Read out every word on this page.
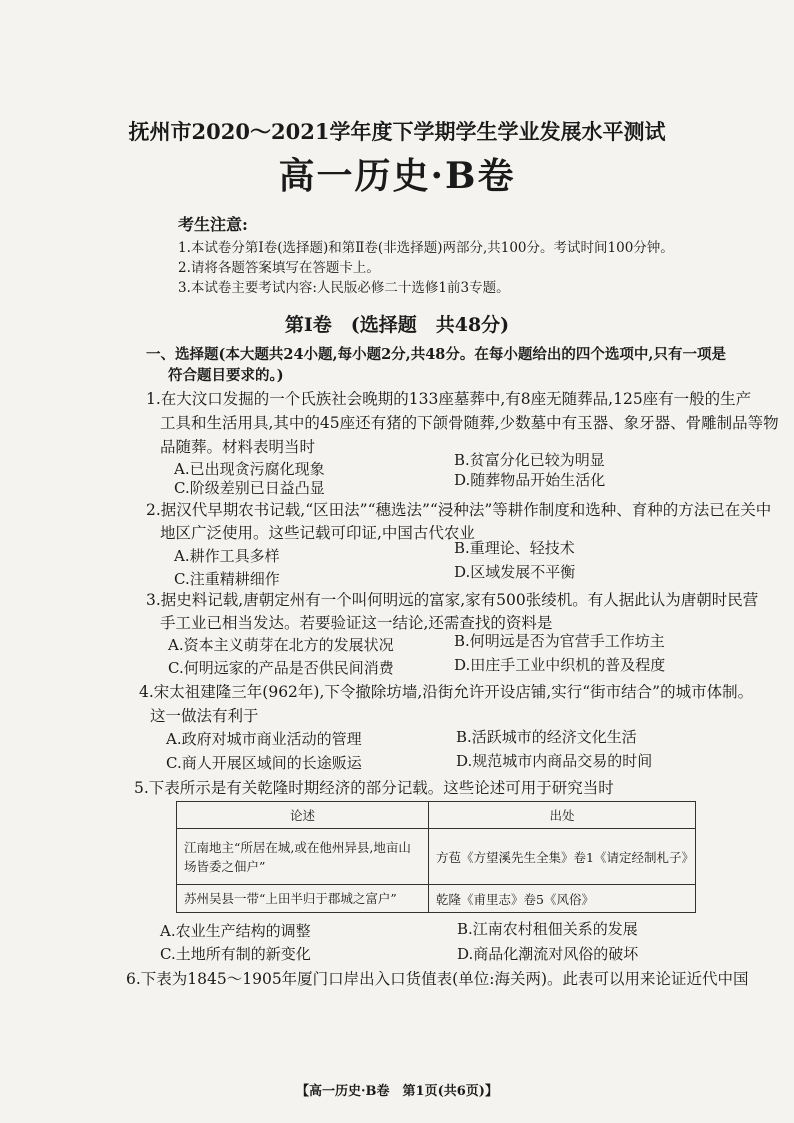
抚州市2020～2021学年度下学期学生学业发展水平测试
高一历史·B卷
考生注意:
1.本试卷分第Ⅰ卷(选择题)和第Ⅱ卷(非选择题)两部分,共100分。考试时间100分钟。
2.请将各题答案填写在答题卡上。
3.本试卷主要考试内容:人民版必修二十选修1前3专题。
第Ⅰ卷　(选择题　共48分)
一、选择题(本大题共24小题,每小题2分,共48分。在每小题给出的四个选项中,只有一项是
符合题目要求的。)
1.在大汶口发掘的一个氏族社会晚期的133座墓葬中,有8座无随葬品,125座有一般的生产
工具和生活用具,其中的45座还有猪的下颌骨随葬,少数墓中有玉器、象牙器、骨雕制品等物
品随葬。材料表明当时
A.已出现贪污腐化现象	B.贫富分化已较为明显
C.阶级差别已日益凸显	D.随葬物品开始生活化
2.据汉代早期农书记载,“区田法”“穗选法”“浸种法”等耕作制度和选种、育种的方法已在关中
地区广泛使用。这些记载可印证,中国古代农业
A.耕作工具多样	B.重理论、轻技术
C.注重精耕细作	D.区域发展不平衡
3.据史料记载,唐朝定州有一个叫何明远的富家,家有500张绫机。有人据此认为唐朝时民营
手工业已相当发达。若要验证这一结论,还需查找的资料是
A.资本主义萌芽在北方的发展状况	B.何明远是否为官营手工作坊主
C.何明远家的产品是否供民间消费	D.田庄手工业中织机的普及程度
4.宋太祖建隆三年(962年),下令撤除坊墙,沿街允许开设店铺,实行“街市结合”的城市体制。
这一做法有利于
A.政府对城市商业活动的管理	B.活跃城市的经济文化生活
C.商人开展区域间的长途贩运	D.规范城市内商品交易的时间
5.下表所示是有关乾隆时期经济的部分记载。这些论述可用于研究当时
论述	出处
江南地主“所居在城,或在他州异县,地亩山场皆委之佃户”	方苞《方望溪先生全集》卷1《请定经制札子》
苏州吴县一带“上田半归于郡城之富户”	乾隆《甫里志》卷5《风俗》
A.农业生产结构的调整	B.江南农村租佃关系的发展
C.土地所有制的新变化	D.商品化潮流对风俗的破坏
6.下表为1845～1905年厦门口岸出入口货值表(单位:海关两)。此表可以用来论证近代中国
【高一历史·B卷　第1页(共6页)】
